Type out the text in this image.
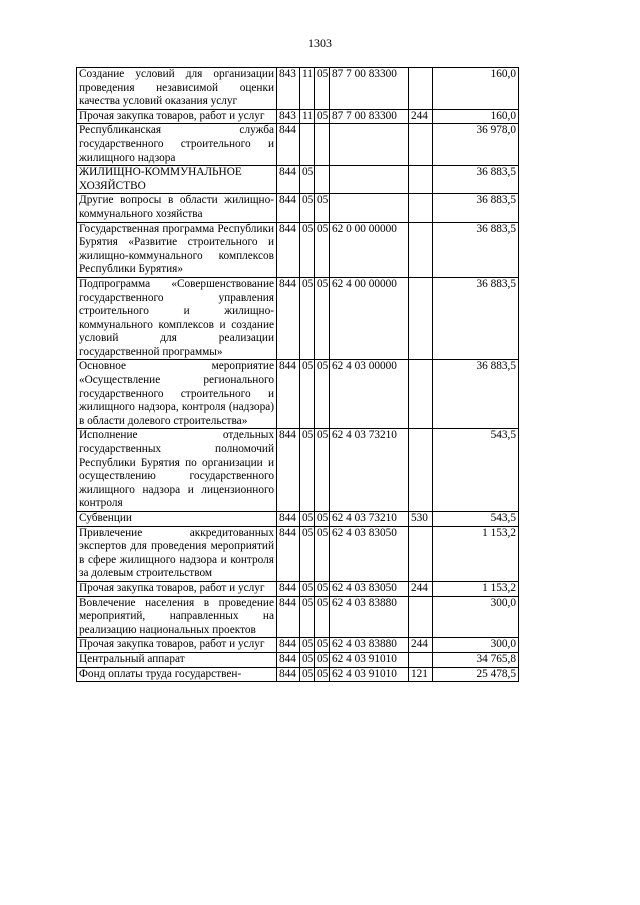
1303
Создание условий для организации проведения независимой оценки качества условий оказания услуг	843	11	05	87 7 00 83300		160,0
Прочая закупка товаров, работ и услуг	843	11	05	87 7 00 83300	244	160,0
Республиканская служба государственного строительного и жилищного надзора	844					36 978,0
ЖИЛИЩНО-КОММУНАЛЬНОЕ ХОЗЯЙСТВО	844	05				36 883,5
Другие вопросы в области жилищно-коммунального хозяйства	844	05	05			36 883,5
Государственная программа Республики Бурятия «Развитие строительного и жилищно-коммунального комплексов Республики Бурятия»	844	05	05	62 0 00 00000		36 883,5
Подпрограмма «Совершенствование государственного управления строительного и жилищно-коммунального комплексов и создание условий для реализации государственной программы»	844	05	05	62 4 00 00000		36 883,5
Основное мероприятие «Осуществление регионального государственного строительного и жилищного надзора, контроля (надзора) в области долевого строительства»	844	05	05	62 4 03 00000		36 883,5
Исполнение отдельных государственных полномочий Республики Бурятия по организации и осуществлению государственного жилищного надзора и лицензионного контроля	844	05	05	62 4 03 73210		543,5
Субвенции	844	05	05	62 4 03 73210	530	543,5
Привлечение аккредитованных экспертов для проведения мероприятий в сфере жилищного надзора и контроля за долевым строительством	844	05	05	62 4 03 83050		1 153,2
Прочая закупка товаров, работ и услуг	844	05	05	62 4 03 83050	244	1 153,2
Вовлечение населения в проведение мероприятий, направленных на реализацию национальных проектов	844	05	05	62 4 03 83880		300,0
Прочая закупка товаров, работ и услуг	844	05	05	62 4 03 83880	244	300,0
Центральный аппарат	844	05	05	62 4 03 91010		34 765,8
Фонд оплаты труда государствен-	844	05	05	62 4 03 91010	121	25 478,5
